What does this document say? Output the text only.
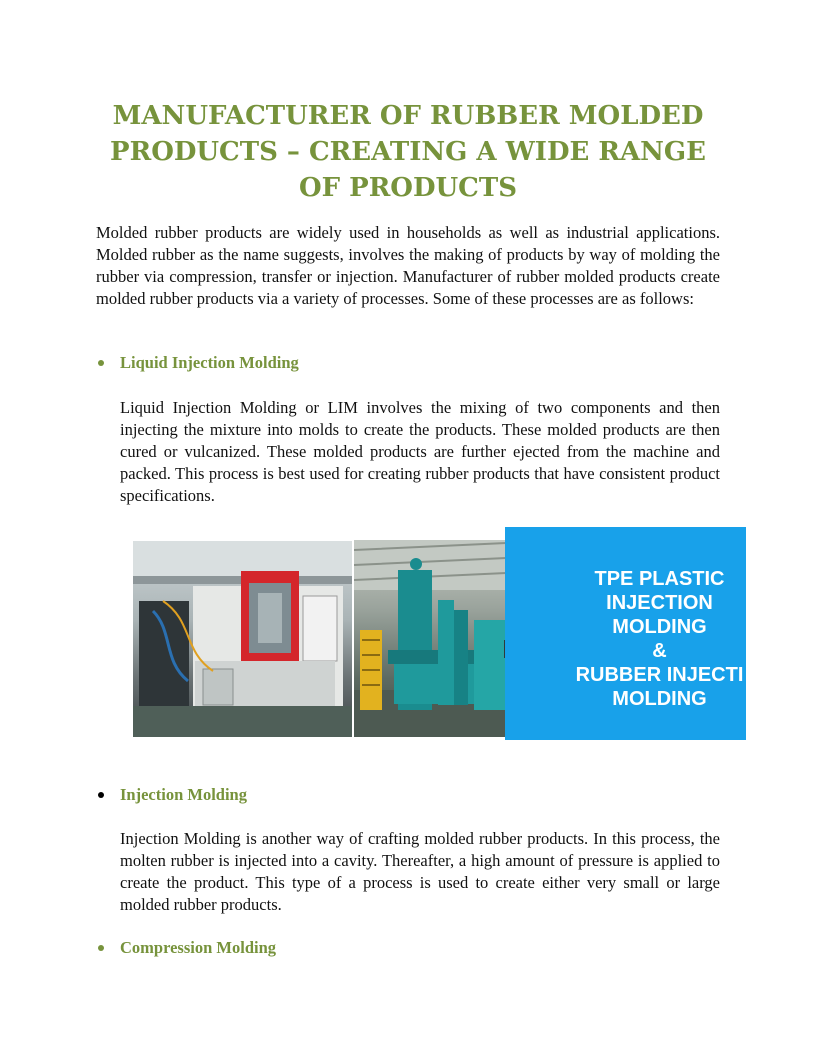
MANUFACTURER OF RUBBER MOLDED PRODUCTS – CREATING A WIDE RANGE OF PRODUCTS

Molded rubber products are widely used in households as well as industrial applications. Molded rubber as the name suggests, involves the making of products by way of molding the rubber via compression, transfer or injection. Manufacturer of rubber molded products create molded rubber products via a variety of processes. Some of these processes are as follows:

Liquid Injection Molding

Liquid Injection Molding or LIM involves the mixing of two components and then injecting the mixture into molds to create the products. These molded products are then cured or vulcanized. These molded products are further ejected from the machine and packed. This process is best used for creating rubber products that have consistent product specifications.

TPE PLASTIC
INJECTION
MOLDING
&
RUBBER INJECTI
MOLDING
Injection Molding

Injection Molding is another way of crafting molded rubber products. In this process, the molten rubber is injected into a cavity. Thereafter, a high amount of pressure is applied to create the product. This type of a process is used to create either very small or large molded rubber products.

Compression Molding
